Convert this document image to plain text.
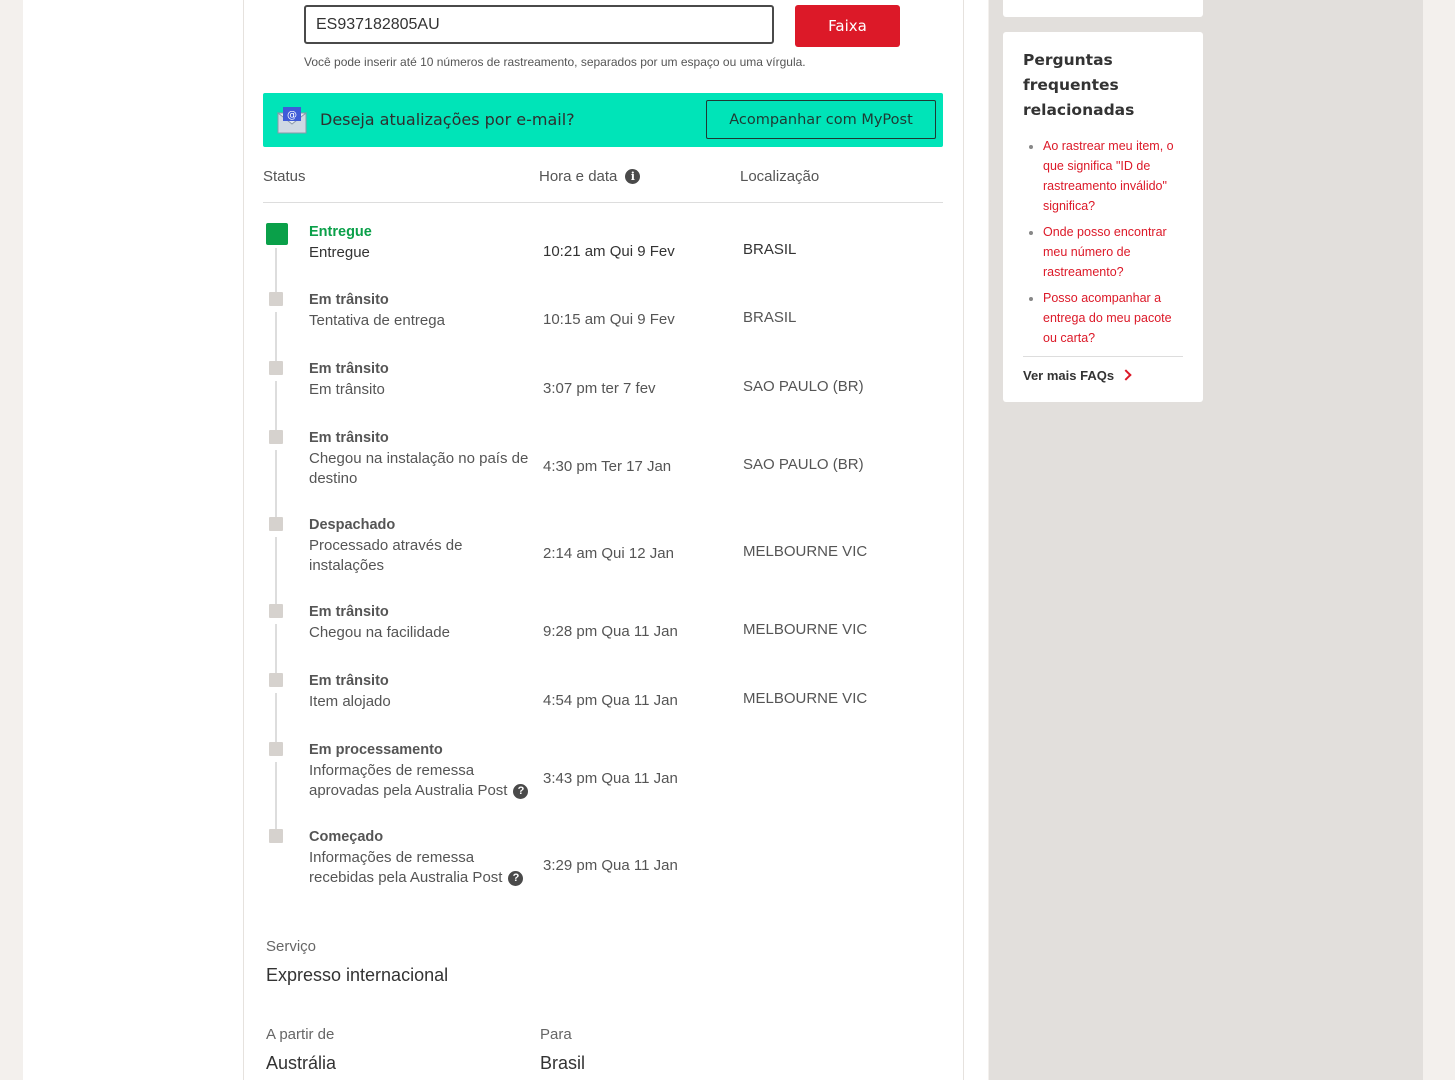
ES937182805AU
Faixa
Você pode inserir até 10 números de rastreamento, separados por um espaço ou uma vírgula.
@ Deseja atualizações por e-mail?	Acompanhar com MyPost
Status	Hora e data i	Localização
Entregue
Entregue	10:21 am Qui 9 Fev	BRASIL
Em trânsito
Tentativa de entrega	10:15 am Qui 9 Fev	BRASIL
Em trânsito
Em trânsito	3:07 pm ter 7 fev	SAO PAULO (BR)
Em trânsito
Chegou na instalação no país de destino
4:30 pm Ter 17 Jan	SAO PAULO (BR)
Despachado
Processado através de instalações
2:14 am Qui 12 Jan	MELBOURNE VIC
Em trânsito
Chegou na facilidade	9:28 pm Qua 11 Jan	MELBOURNE VIC
Em trânsito
Item alojado	4:54 pm Qua 11 Jan	MELBOURNE VIC
Em processamento
Informações de remessa aprovadas pela Australia Post ?
3:43 pm Qua 11 Jan
Começado
Informações de remessa recebidas pela Australia Post ?
3:29 pm Qua 11 Jan
Serviço
Expresso internacional
A partir de
Austrália
Para
Brasil
Perguntas frequentes relacionadas
Ao rastrear meu item, o que significa "ID de rastreamento inválido" significa?
Onde posso encontrar meu número de rastreamento?
Posso acompanhar a entrega do meu pacote ou carta?
Ver mais FAQs
